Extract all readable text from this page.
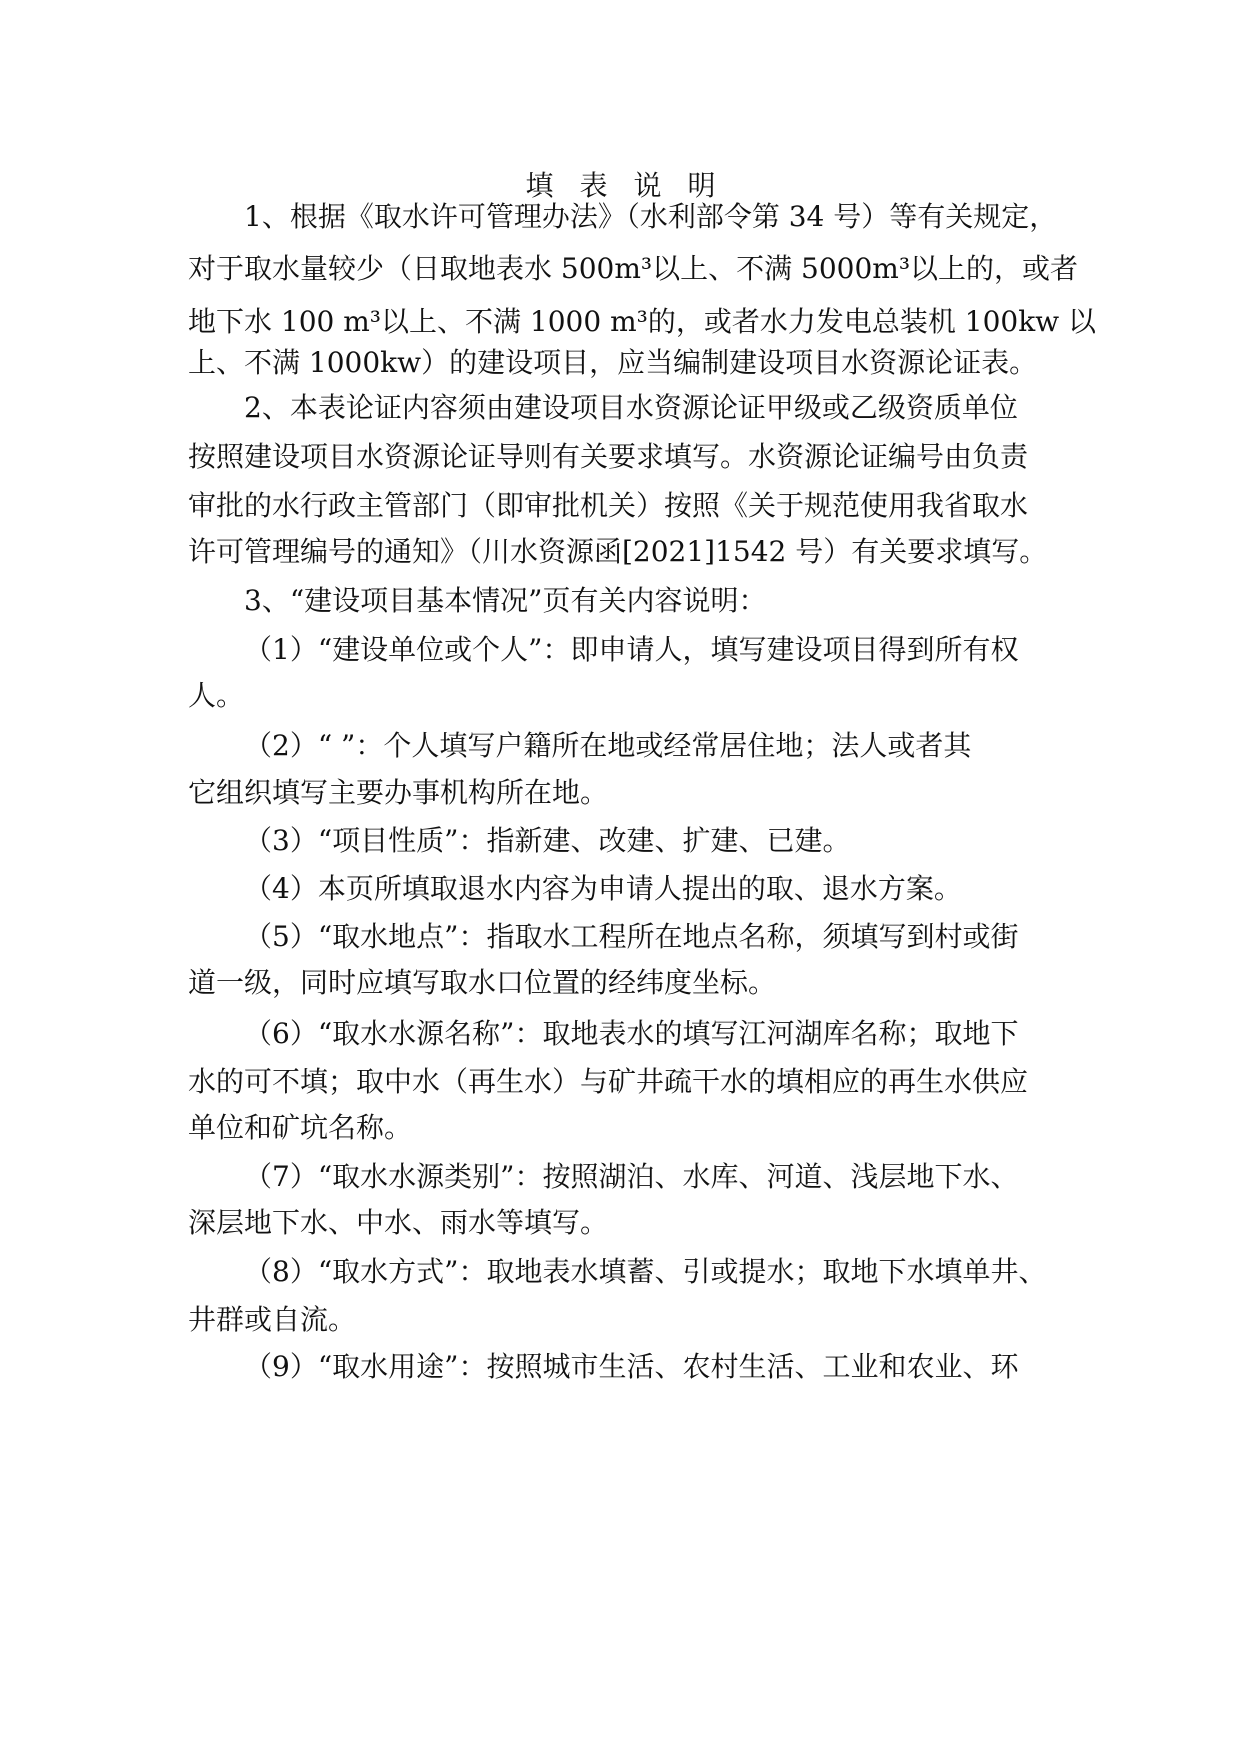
填表说明
1、根据《取水许可管理办法》（水利部令第 34 号）等有关规定，
对于取水量较少（日取地表水 500m³以上、不满 5000m³以上的，或者
地下水 100 m³以上、不满 1000 m³的，或者水力发电总装机 100kw 以
上、不满 1000kw）的建设项目，应当编制建设项目水资源论证表。
2、本表论证内容须由建设项目水资源论证甲级或乙级资质单位
按照建设项目水资源论证导则有关要求填写。水资源论证编号由负责
审批的水行政主管部门（即审批机关）按照《关于规范使用我省取水
许可管理编号的通知》（川水资源函[2021]1542 号）有关要求填写。
3、“建设项目基本情况”页有关内容说明：
（1）“建设单位或个人”：即申请人，填写建设项目得到所有权
人。
（2）“ ”：个人填写户籍所在地或经常居住地；法人或者其
它组织填写主要办事机构所在地。
（3）“项目性质”：指新建、改建、扩建、已建。
（4）本页所填取退水内容为申请人提出的取、退水方案。
（5）“取水地点”：指取水工程所在地点名称，须填写到村或街
道一级，同时应填写取水口位置的经纬度坐标。
（6）“取水水源名称”：取地表水的填写江河湖库名称；取地下
水的可不填；取中水（再生水）与矿井疏干水的填相应的再生水供应
单位和矿坑名称。
（7）“取水水源类别”：按照湖泊、水库、河道、浅层地下水、
深层地下水、中水、雨水等填写。
（8）“取水方式”：取地表水填蓄、引或提水；取地下水填单井、
井群或自流。
（9）“取水用途”：按照城市生活、农村生活、工业和农业、环
